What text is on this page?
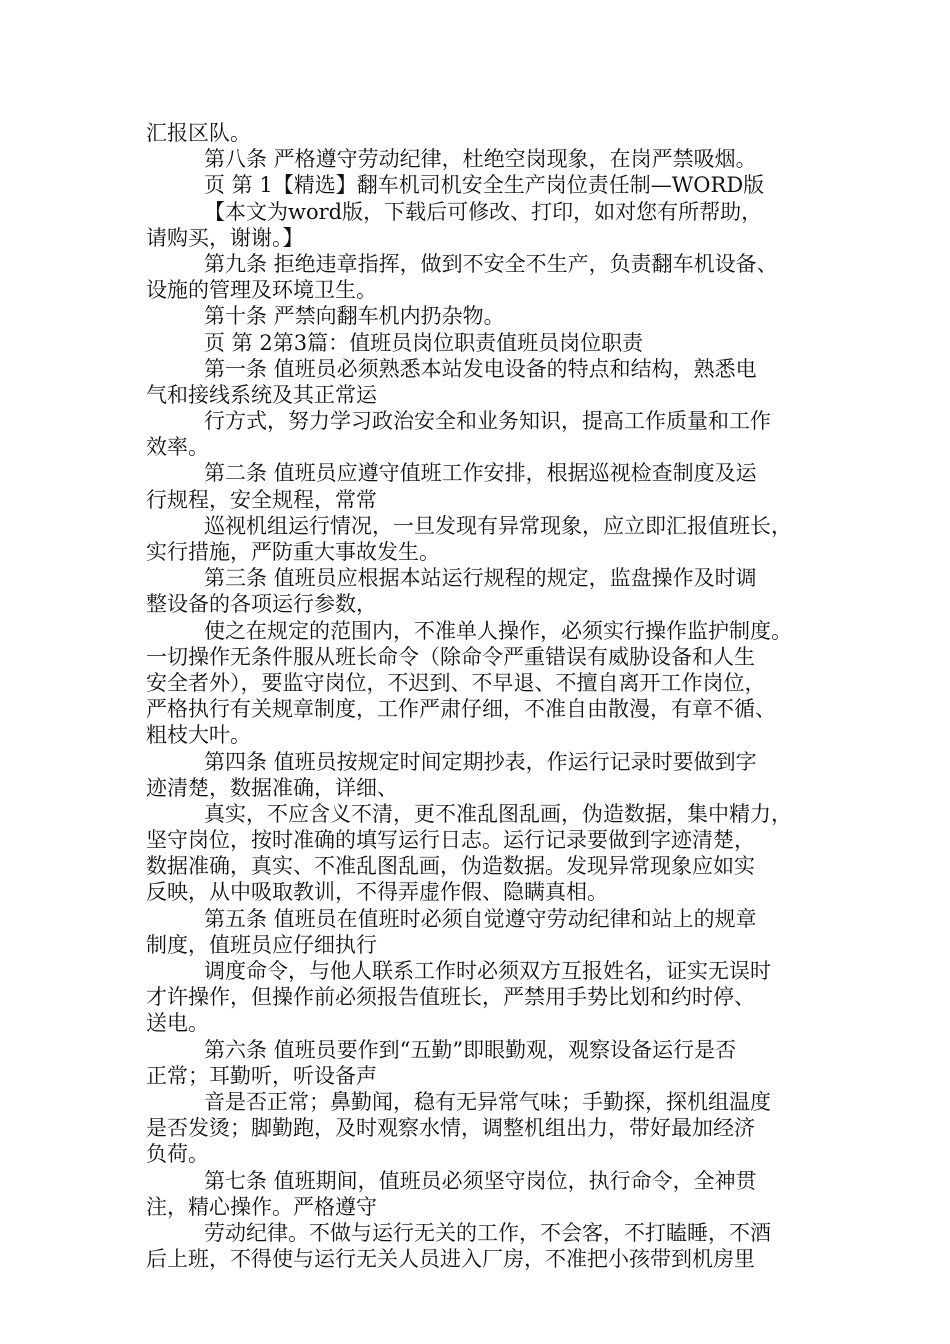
汇报区队。
第八条 严格遵守劳动纪律，杜绝空岗现象，在岗严禁吸烟。
页 第 1【精选】翻车机司机安全生产岗位责任制—WORD版
【本文为word版，下载后可修改、打印，如对您有所帮助，
请购买，谢谢。】
第九条 拒绝违章指挥，做到不安全不生产，负责翻车机设备、
设施的管理及环境卫生。
第十条 严禁向翻车机内扔杂物。
页 第 2第3篇：值班员岗位职责值班员岗位职责
第一条 值班员必须熟悉本站发电设备的特点和结构，熟悉电
气和接线系统及其正常运
行方式，努力学习政治安全和业务知识，提高工作质量和工作
效率。
第二条 值班员应遵守值班工作安排，根据巡视检查制度及运
行规程，安全规程，常常
巡视机组运行情况，一旦发现有异常现象，应立即汇报值班长，
实行措施，严防重大事故发生。
第三条 值班员应根据本站运行规程的规定，监盘操作及时调
整设备的各项运行参数，
使之在规定的范围内，不准单人操作，必须实行操作监护制度。
一切操作无条件服从班长命令（除命令严重错误有威胁设备和人生
安全者外），要监守岗位，不迟到、不早退、不擅自离开工作岗位，
严格执行有关规章制度，工作严肃仔细，不准自由散漫，有章不循、
粗枝大叶。
第四条 值班员按规定时间定期抄表，作运行记录时要做到字
迹清楚，数据准确，详细、
真实，不应含义不清，更不准乱图乱画，伪造数据，集中精力，
坚守岗位，按时准确的填写运行日志。运行记录要做到字迹清楚，
数据准确，真实、不准乱图乱画，伪造数据。发现异常现象应如实
反映，从中吸取教训，不得弄虚作假、隐瞒真相。
第五条 值班员在值班时必须自觉遵守劳动纪律和站上的规章
制度，值班员应仔细执行
调度命令，与他人联系工作时必须双方互报姓名，证实无误时
才许操作，但操作前必须报告值班长，严禁用手势比划和约时停、
送电。
第六条 值班员要作到“五勤”即眼勤观，观察设备运行是否
正常；耳勤听，听设备声
音是否正常；鼻勤闻，稳有无异常气味；手勤探，探机组温度
是否发烫；脚勤跑，及时观察水情，调整机组出力，带好最加经济
负荷。
第七条 值班期间，值班员必须坚守岗位，执行命令，全神贯
注，精心操作。严格遵守
劳动纪律。不做与运行无关的工作，不会客，不打瞌睡，不酒
后上班，不得使与运行无关人员进入厂房，不准把小孩带到机房里
